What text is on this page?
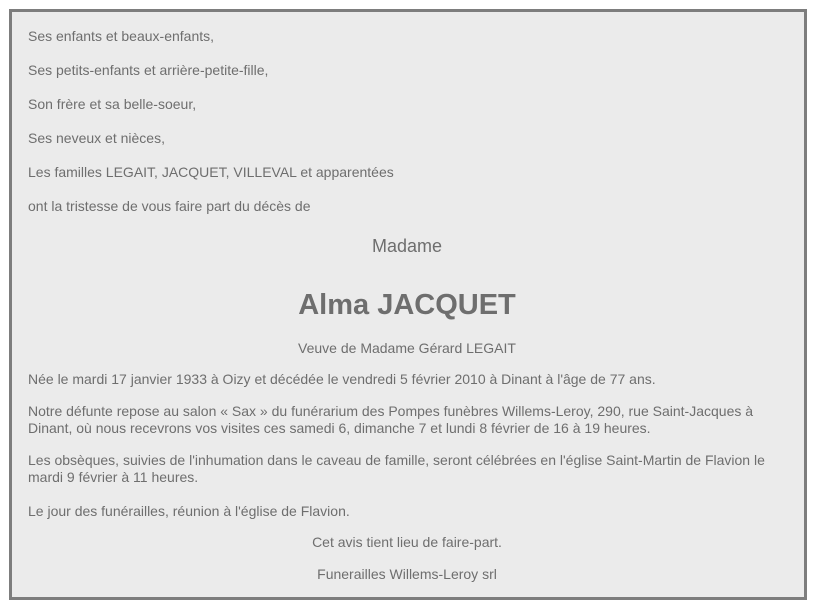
Ses enfants et beaux-enfants,
Ses petits-enfants et arrière-petite-fille,
Son frère et sa belle-soeur,
Ses neveux et nièces,
Les familles LEGAIT, JACQUET, VILLEVAL et apparentées
ont la tristesse de vous faire part du décès de
Madame
Alma JACQUET
Veuve de Madame Gérard LEGAIT
Née le mardi 17 janvier 1933 à Oizy et décédée le vendredi 5 février 2010 à Dinant à l'âge de 77 ans.
Notre défunte repose au salon « Sax » du funérarium des Pompes funèbres Willems-Leroy, 290, rue Saint-Jacques à Dinant, où nous recevrons vos visites ces samedi 6, dimanche 7 et lundi 8 février de 16 à 19 heures.
Les obsèques, suivies de l'inhumation dans le caveau de famille, seront célébrées en l'église Saint-Martin de Flavion le mardi 9 février à 11 heures.
Le jour des funérailles, réunion à l'église de Flavion.
Cet avis tient lieu de faire-part.
Funerailles Willems-Leroy srl
